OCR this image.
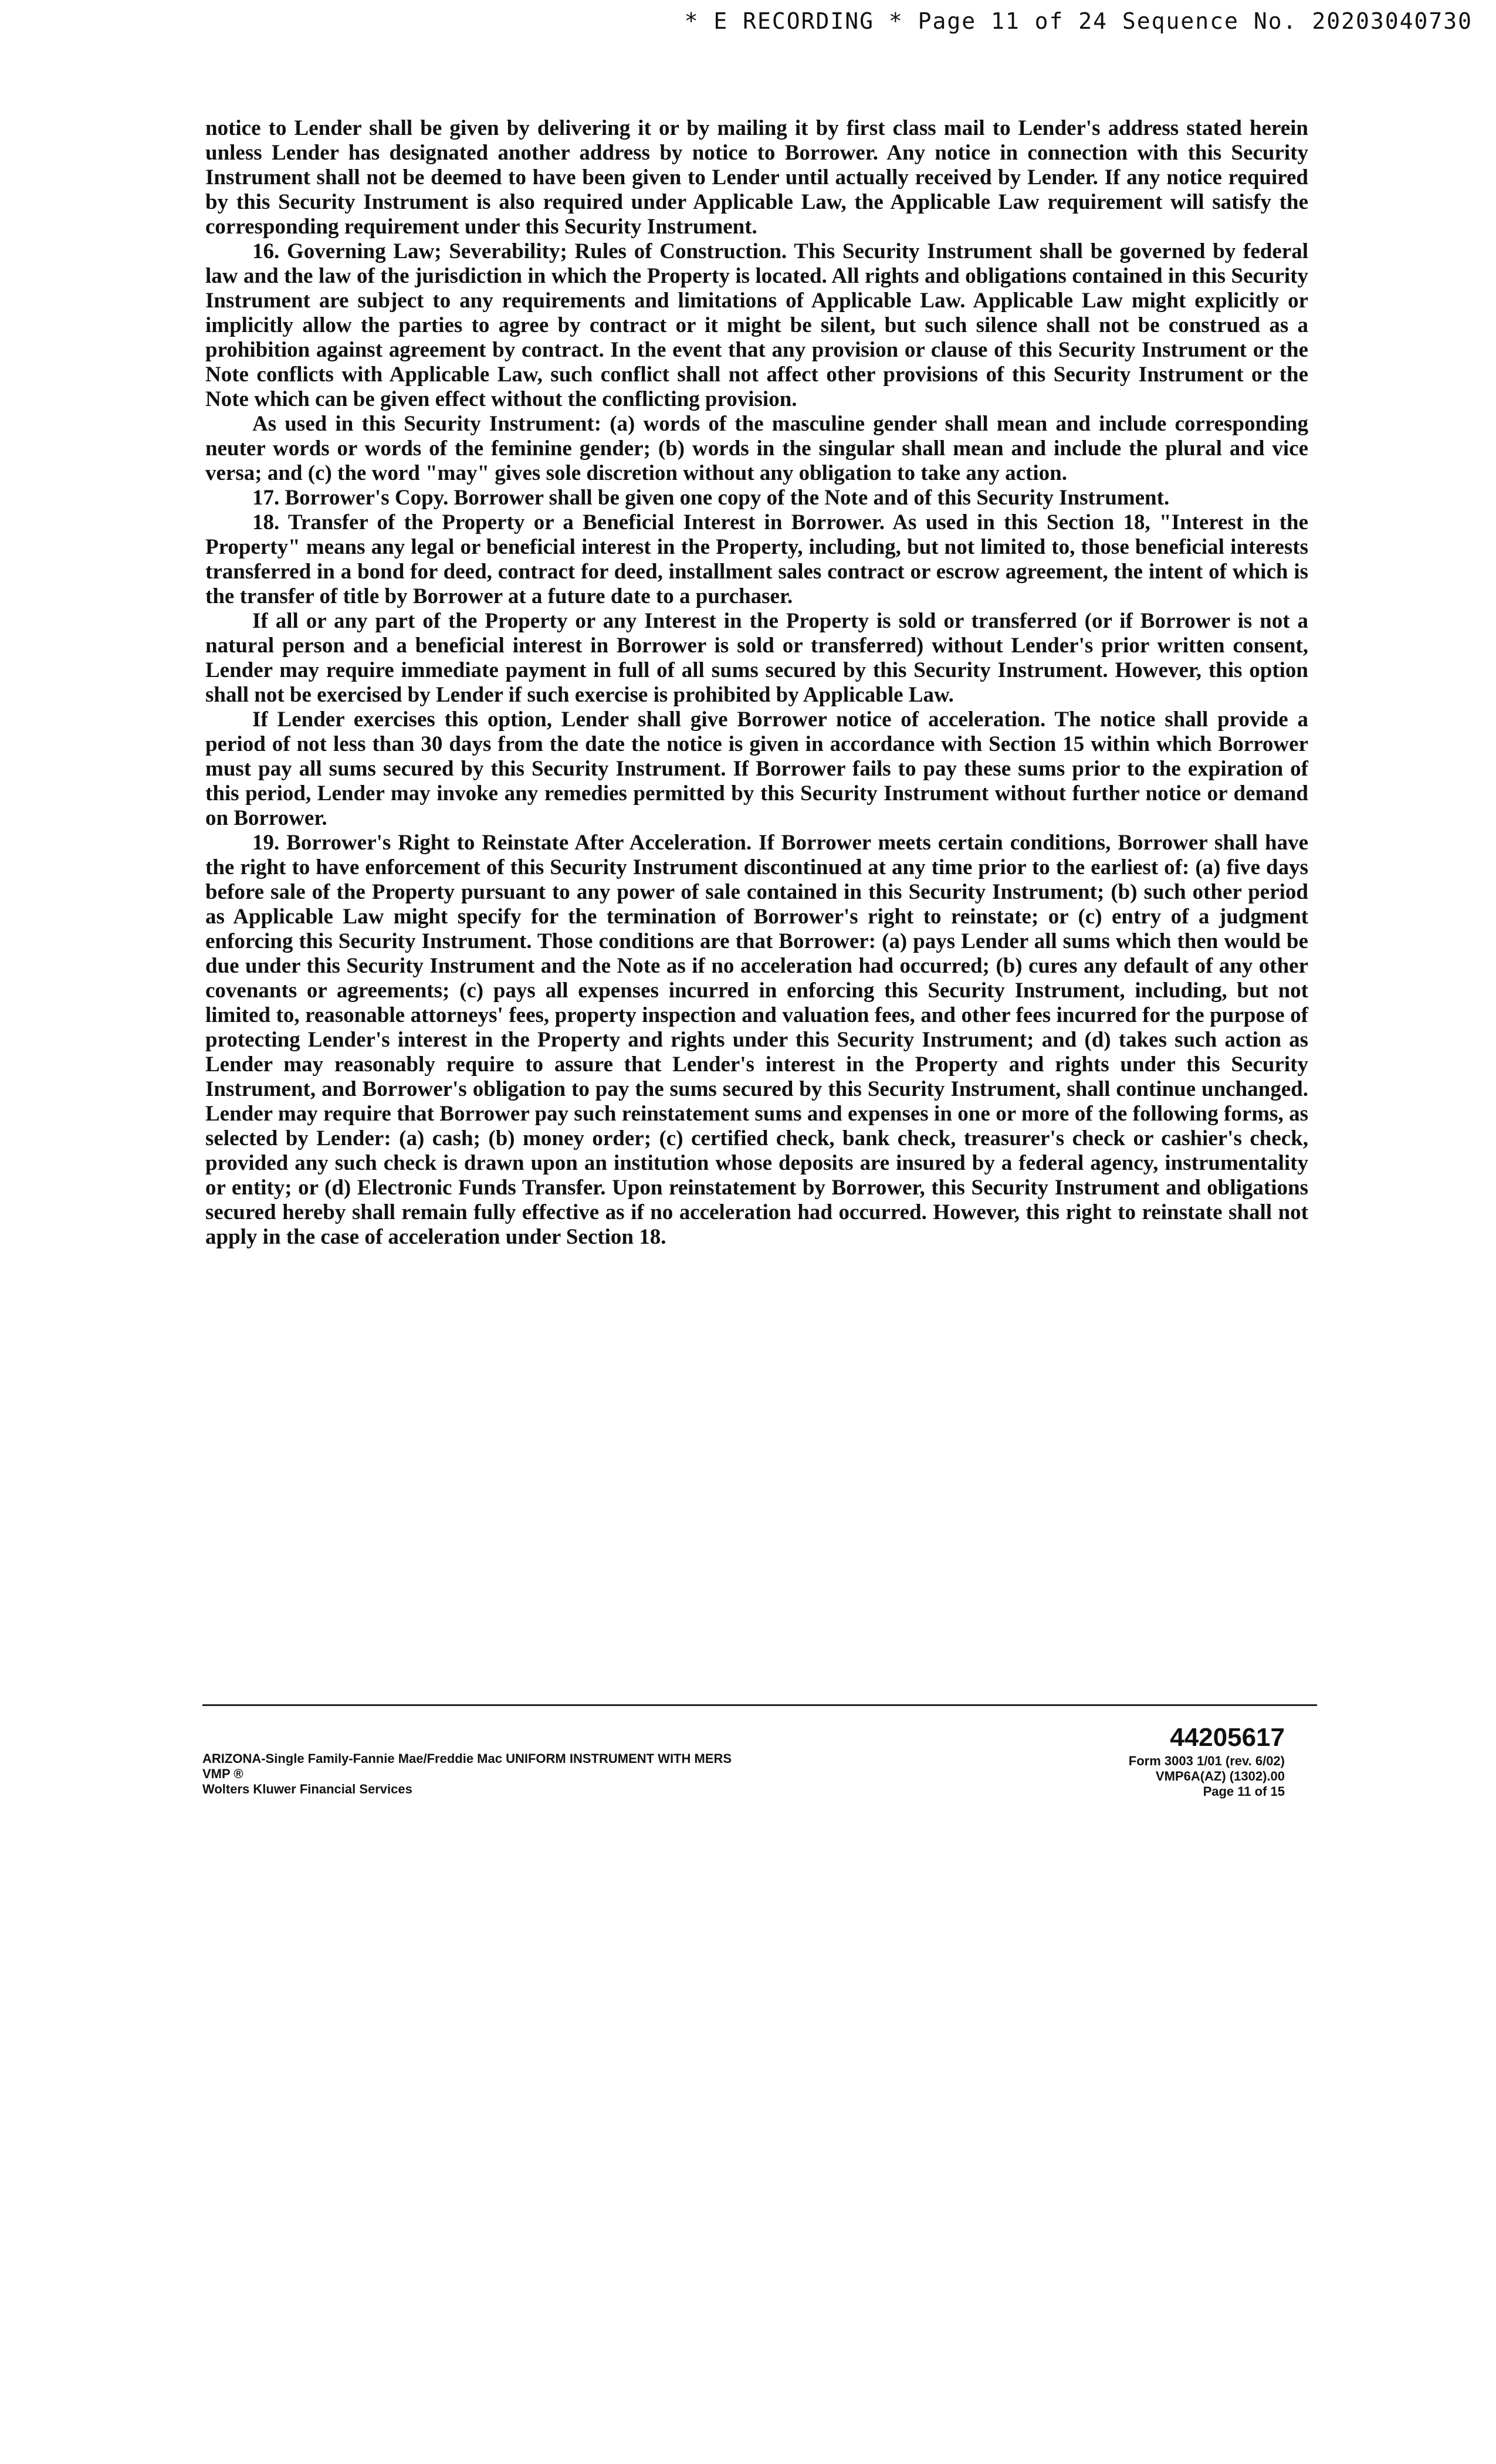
* E RECORDING * Page 11 of 24 Sequence No. 20203040730

notice to Lender shall be given by delivering it or by mailing it by first class mail to Lender's address stated herein unless Lender has designated another address by notice to Borrower. Any notice in connection with this Security Instrument shall not be deemed to have been given to Lender until actually received by Lender. If any notice required by this Security Instrument is also required under Applicable Law, the Applicable Law requirement will satisfy the corresponding requirement under this Security Instrument.

16. Governing Law; Severability; Rules of Construction. This Security Instrument shall be governed by federal law and the law of the jurisdiction in which the Property is located. All rights and obligations contained in this Security Instrument are subject to any requirements and limitations of Applicable Law. Applicable Law might explicitly or implicitly allow the parties to agree by contract or it might be silent, but such silence shall not be construed as a prohibition against agreement by contract. In the event that any provision or clause of this Security Instrument or the Note conflicts with Applicable Law, such conflict shall not affect other provisions of this Security Instrument or the Note which can be given effect without the conflicting provision.

As used in this Security Instrument: (a) words of the masculine gender shall mean and include corresponding neuter words or words of the feminine gender; (b) words in the singular shall mean and include the plural and vice versa; and (c) the word "may" gives sole discretion without any obligation to take any action.

17. Borrower's Copy. Borrower shall be given one copy of the Note and of this Security Instrument.

18. Transfer of the Property or a Beneficial Interest in Borrower. As used in this Section 18, "Interest in the Property" means any legal or beneficial interest in the Property, including, but not limited to, those beneficial interests transferred in a bond for deed, contract for deed, installment sales contract or escrow agreement, the intent of which is the transfer of title by Borrower at a future date to a purchaser.

If all or any part of the Property or any Interest in the Property is sold or transferred (or if Borrower is not a natural person and a beneficial interest in Borrower is sold or transferred) without Lender's prior written consent, Lender may require immediate payment in full of all sums secured by this Security Instrument. However, this option shall not be exercised by Lender if such exercise is prohibited by Applicable Law.

If Lender exercises this option, Lender shall give Borrower notice of acceleration. The notice shall provide a period of not less than 30 days from the date the notice is given in accordance with Section 15 within which Borrower must pay all sums secured by this Security Instrument. If Borrower fails to pay these sums prior to the expiration of this period, Lender may invoke any remedies permitted by this Security Instrument without further notice or demand on Borrower.

19. Borrower's Right to Reinstate After Acceleration. If Borrower meets certain conditions, Borrower shall have the right to have enforcement of this Security Instrument discontinued at any time prior to the earliest of: (a) five days before sale of the Property pursuant to any power of sale contained in this Security Instrument; (b) such other period as Applicable Law might specify for the termination of Borrower's right to reinstate; or (c) entry of a judgment enforcing this Security Instrument. Those conditions are that Borrower: (a) pays Lender all sums which then would be due under this Security Instrument and the Note as if no acceleration had occurred; (b) cures any default of any other covenants or agreements; (c) pays all expenses incurred in enforcing this Security Instrument, including, but not limited to, reasonable attorneys' fees, property inspection and valuation fees, and other fees incurred for the purpose of protecting Lender's interest in the Property and rights under this Security Instrument; and (d) takes such action as Lender may reasonably require to assure that Lender's interest in the Property and rights under this Security Instrument, and Borrower's obligation to pay the sums secured by this Security Instrument, shall continue unchanged. Lender may require that Borrower pay such reinstatement sums and expenses in one or more of the following forms, as selected by Lender: (a) cash; (b) money order; (c) certified check, bank check, treasurer's check or cashier's check, provided any such check is drawn upon an institution whose deposits are insured by a federal agency, instrumentality or entity; or (d) Electronic Funds Transfer. Upon reinstatement by Borrower, this Security Instrument and obligations secured hereby shall remain fully effective as if no acceleration had occurred. However, this right to reinstate shall not apply in the case of acceleration under Section 18.

ARIZONA-Single Family-Fannie Mae/Freddie Mac UNIFORM INSTRUMENT WITH MERS
VMP ®
Wolters Kluwer Financial Services
44205617
Form 3003 1/01 (rev. 6/02)
VMP6A(AZ) (1302).00
Page 11 of 15
